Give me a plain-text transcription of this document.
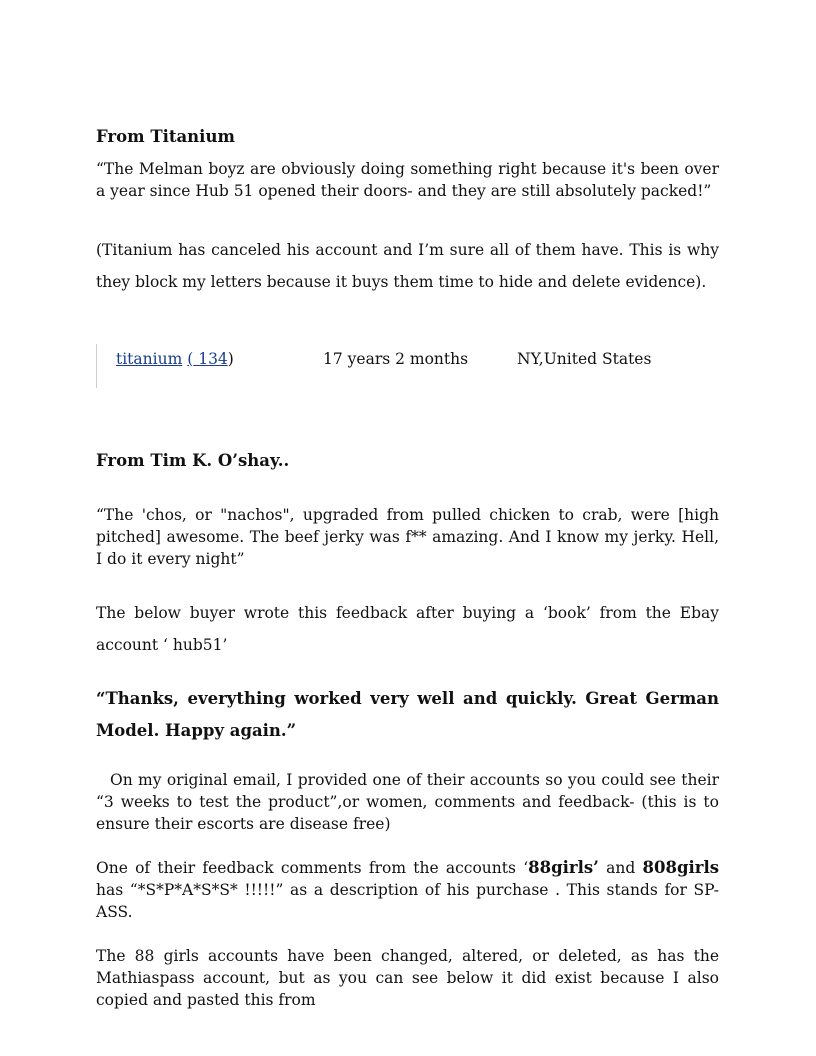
From Titanium

“The Melman boyz are obviously doing something right because it's been over a year since Hub 51 opened their doors- and they are still absolutely packed!”

(Titanium has canceled his account and I’m sure all of them have. This is why they block my letters because it buys them time to hide and delete evidence).

titanium ( 134)	17 years 2 months	NY,United States
From Tim K. O’shay..

“The 'chos, or "nachos", upgraded from pulled chicken to crab, were [high pitched] awesome. The beef jerky was f** amazing. And I know my jerky. Hell, I do it every night”

The below buyer wrote this feedback after buying a ‘book’ from the Ebay account ‘ hub51’

“Thanks, everything worked very well and quickly. Great German Model. Happy again.”

On my original email, I provided one of their accounts so you could see their “3 weeks to test the product”,or women, comments and feedback- (this is to ensure their escorts are disease free)

One of their feedback comments from the accounts ‘88girls’ and 808girls has “*S*P*A*S*S* !!!!!” as a description of his purchase . This stands for SP- ASS.

The 88 girls accounts have been changed, altered, or deleted, as has the Mathiaspass account, but as you can see below it did exist because I also copied and pasted this from
